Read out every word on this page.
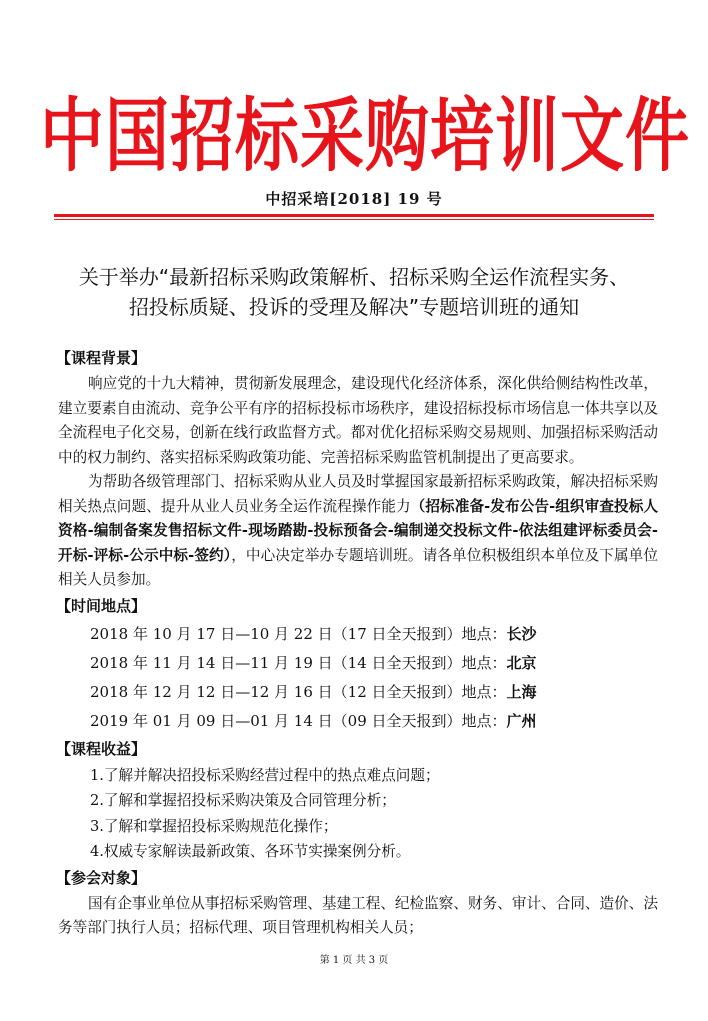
中国招标采购培训文件
中招采培[2018] 19 号
关于举办“最新招标采购政策解析、招标采购全运作流程实务、
招投标质疑、投诉的受理及解决”专题培训班的通知
【课程背景】

响应党的十九大精神，贯彻新发展理念，建设现代化经济体系，深化供给侧结构性改革，建立要素自由流动、竞争公平有序的招标投标市场秩序，建设招标投标市场信息一体共享以及全流程电子化交易，创新在线行政监督方式。都对优化招标采购交易规则、加强招标采购活动中的权力制约、落实招标采购政策功能、完善招标采购监管机制提出了更高要求。

为帮助各级管理部门、招标采购从业人员及时掌握国家最新招标采购政策，解决招标采购相关热点问题、提升从业人员业务全运作流程操作能力（招标准备-发布公告-组织审查投标人资格-编制备案发售招标文件-现场踏勘-投标预备会-编制递交投标文件-依法组建评标委员会-开标-评标-公示中标-签约），中心决定举办专题培训班。请各单位积极组织本单位及下属单位相关人员参加。

【时间地点】
2018 年 10 月 17 日—10 月 22 日（17 日全天报到）地点：长沙
2018 年 11 月 14 日—11 月 19 日（14 日全天报到）地点：北京
2018 年 12 月 12 日—12 月 16 日（12 日全天报到）地点：上海
2019 年 01 月 09 日—01 月 14 日（09 日全天报到）地点：广州
【课程收益】
1.了解并解决招投标采购经营过程中的热点难点问题；
2.了解和掌握招投标采购决策及合同管理分析；
3.了解和掌握招投标采购规范化操作；
4.权威专家解读最新政策、各环节实操案例分析。
【参会对象】

国有企事业单位从事招标采购管理、基建工程、纪检监察、财务、审计、合同、造价、法务等部门执行人员；招标代理、项目管理机构相关人员；

第 1 页 共 3 页
